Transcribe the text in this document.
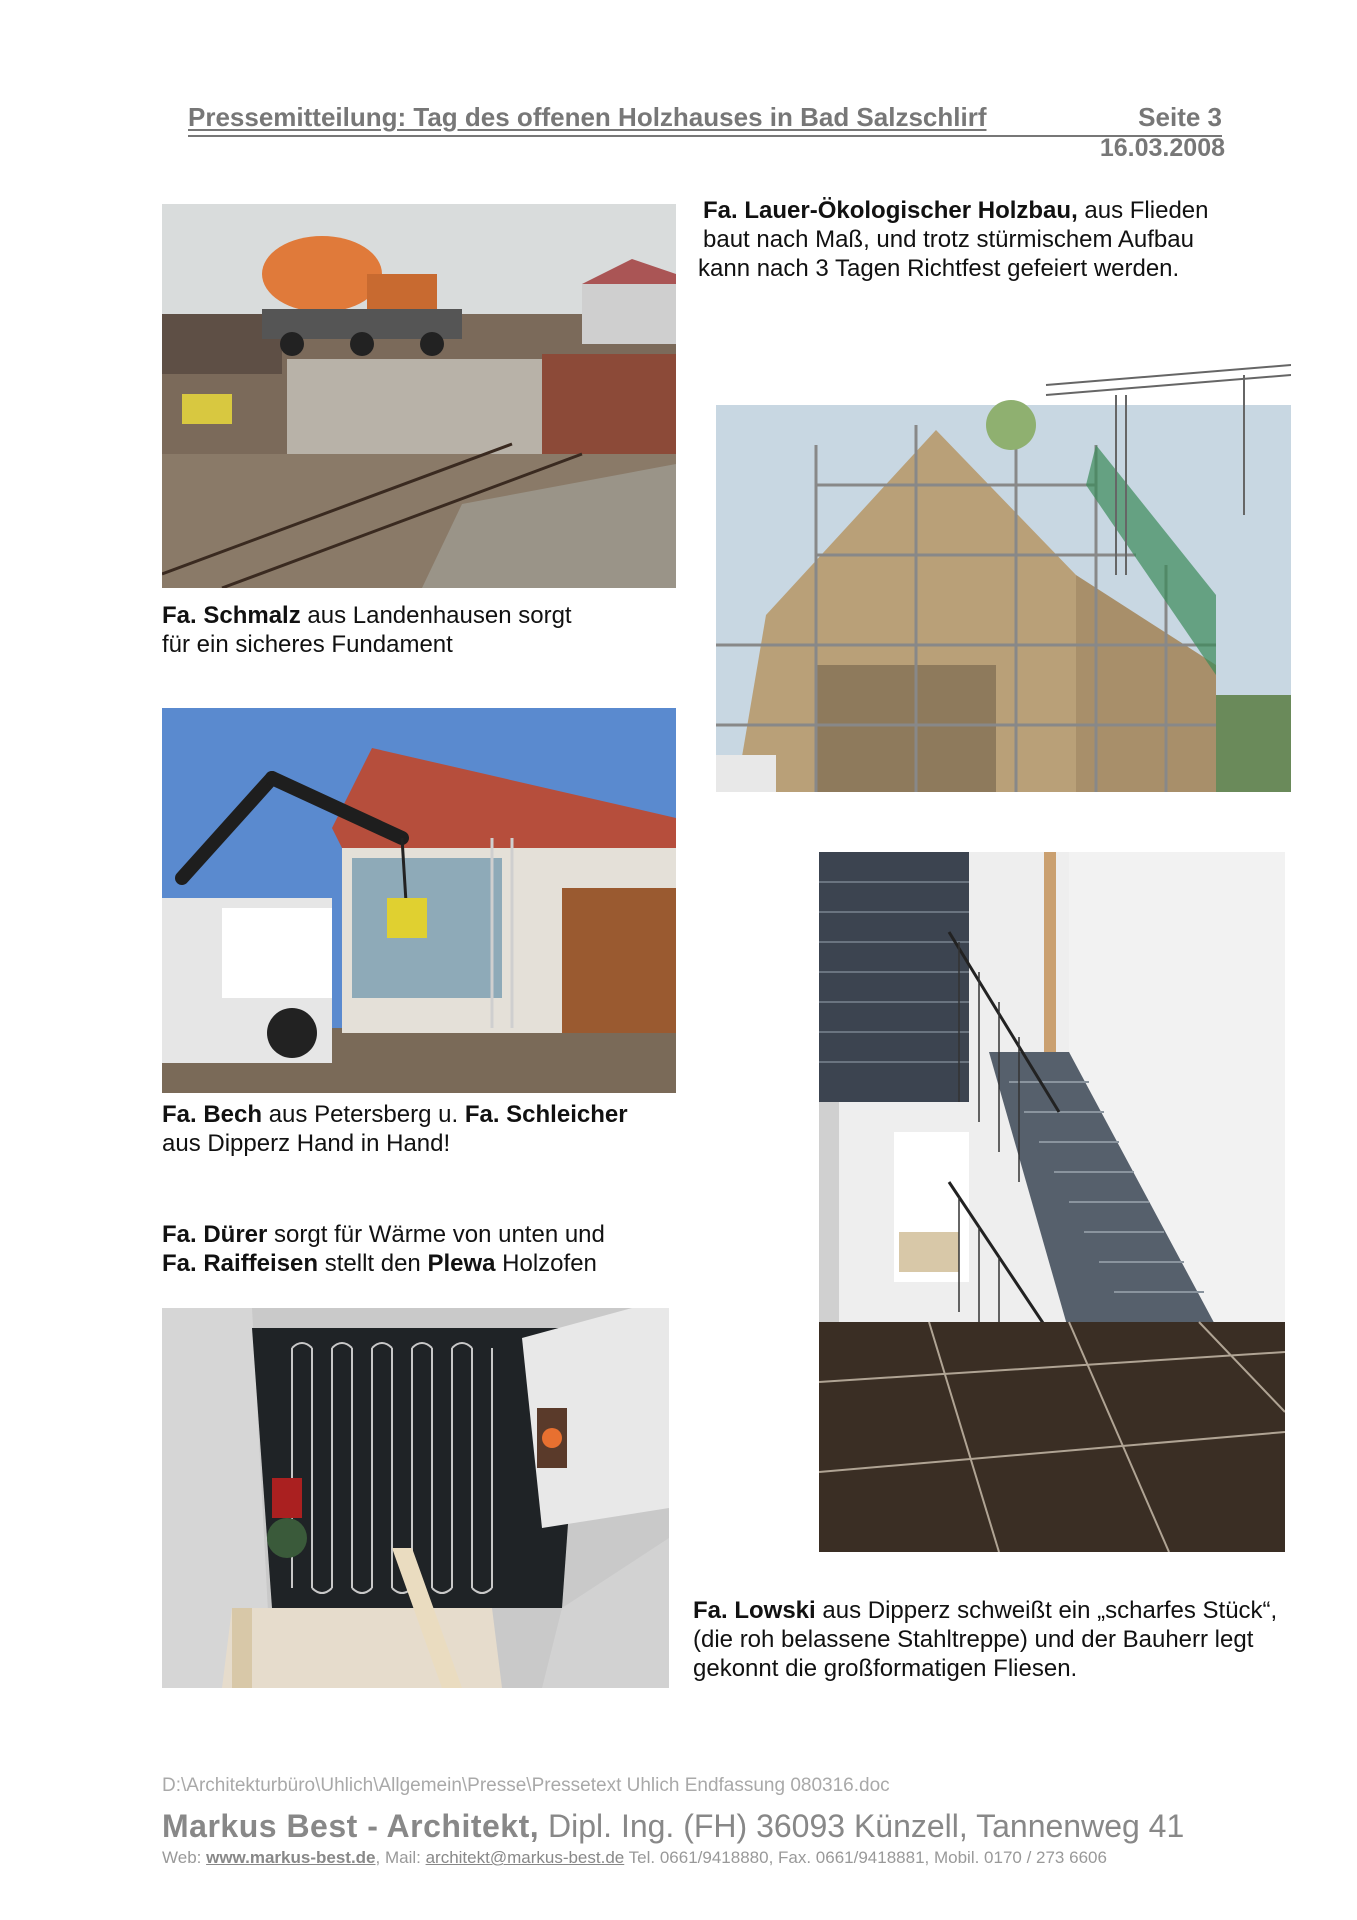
Pressemitteilung: Tag des offenen Holzhauses in Bad Salzschlirf	Seite 3
16.03.2008
Fa. Schmalz aus Landenhausen sorgt
für ein sicheres Fundament
Fa. Lauer-Ökologischer Holzbau, aus Flieden
baut nach Maß, und trotz stürmischem Aufbau
kann nach 3 Tagen Richtfest gefeiert werden.
Fa. Bech aus Petersberg u. Fa. Schleicher
aus Dipperz Hand in Hand!
Fa. Dürer sorgt für Wärme von unten und
Fa. Raiffeisen stellt den Plewa Holzofen
Fa. Lowski aus Dipperz schweißt ein „scharfes Stück“,
(die roh belassene Stahltreppe) und der Bauherr legt
gekonnt die großformatigen Fliesen.
D:\Architekturbüro\Uhlich\Allgemein\Presse\Pressetext Uhlich Endfassung 080316.doc
Markus Best - Architekt, Dipl. Ing. (FH) 36093 Künzell, Tannenweg 41
Web: www.markus-best.de, Mail: architekt@markus-best.de Tel. 0661/9418880, Fax. 0661/9418881, Mobil. 0170 / 273 6606
